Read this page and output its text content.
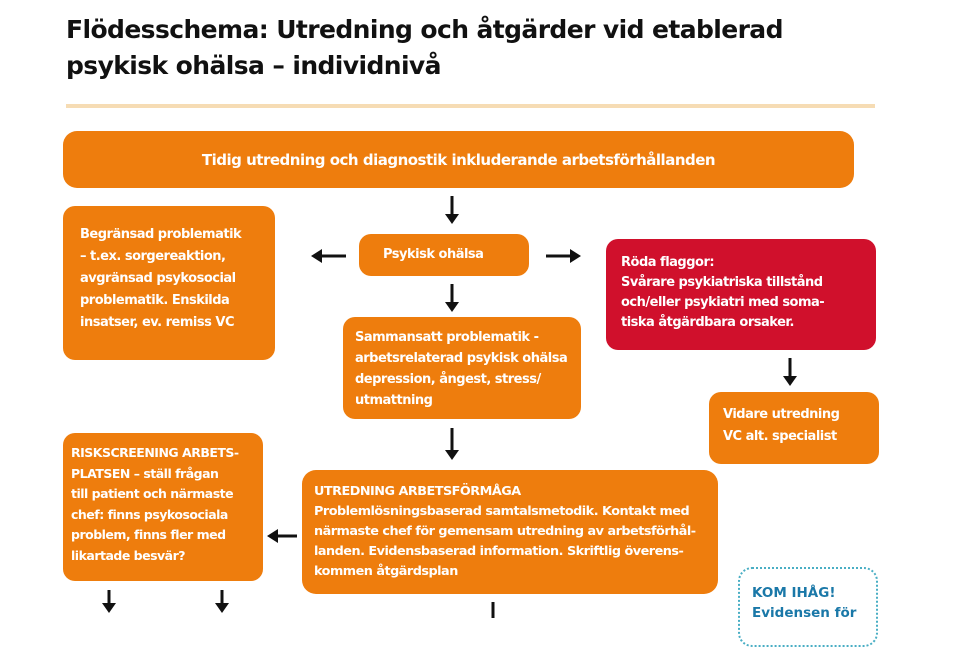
Flödesschema: Utredning och åtgärder vid etablerad
psykisk ohälsa – individnivå
Tidig utredning och diagnostik inkluderande arbetsförhållanden
Begränsad problematik
– t.ex. sorgereaktion,
avgränsad psykosocial
problematik. Enskilda
insatser, ev. remiss VC
Psykisk ohälsa
Röda flaggor:
Svårare psykiatriska tillstånd
och/eller psykiatri med soma-
tiska åtgärdbara orsaker.
Sammansatt problematik -
arbetsrelaterad psykisk ohälsa
depression, ångest, stress/
utmattning
Vidare utredning
VC alt. specialist
RISKSCREENING ARBETS-
PLATSEN – ställ frågan
till patient och närmaste
chef: finns psykosociala
problem, finns fler med
likartade besvär?
UTREDNING ARBETSFÖRMÅGA
Problemlösningsbaserad samtalsmetodik. Kontakt med
närmaste chef för gemensam utredning av arbetsförhål-
landen. Evidensbaserad information. Skriftlig överens-
kommen åtgärdsplan
KOM IHÅG!
Evidensen för
